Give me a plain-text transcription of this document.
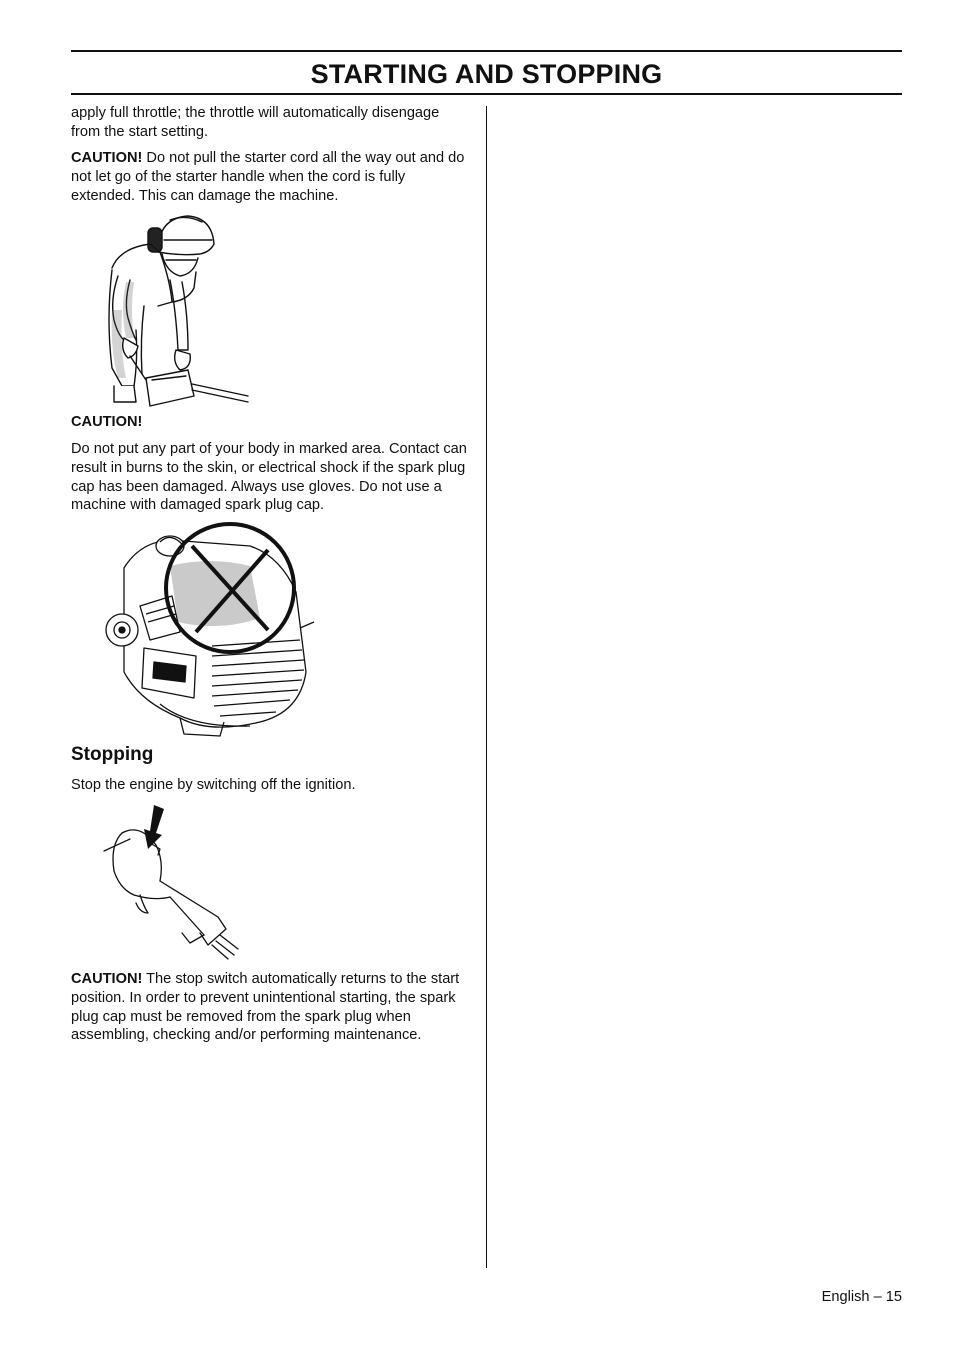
STARTING AND STOPPING

apply full throttle; the throttle will automatically disengage from the start setting.

CAUTION! Do not pull the starter cord all the way out and do not let go of the starter handle when the cord is fully extended. This can damage the machine.

CAUTION!

Do not put any part of your body in marked area. Contact can result in burns to the skin, or electrical shock if the spark plug cap has been damaged. Always use gloves. Do not use a machine with damaged spark plug cap.

Stopping

Stop the engine by switching off the ignition.

CAUTION! The stop switch automatically returns to the start position. In order to prevent unintentional starting, the spark plug cap must be removed from the spark plug when assembling, checking and/or performing maintenance.

English – 15
